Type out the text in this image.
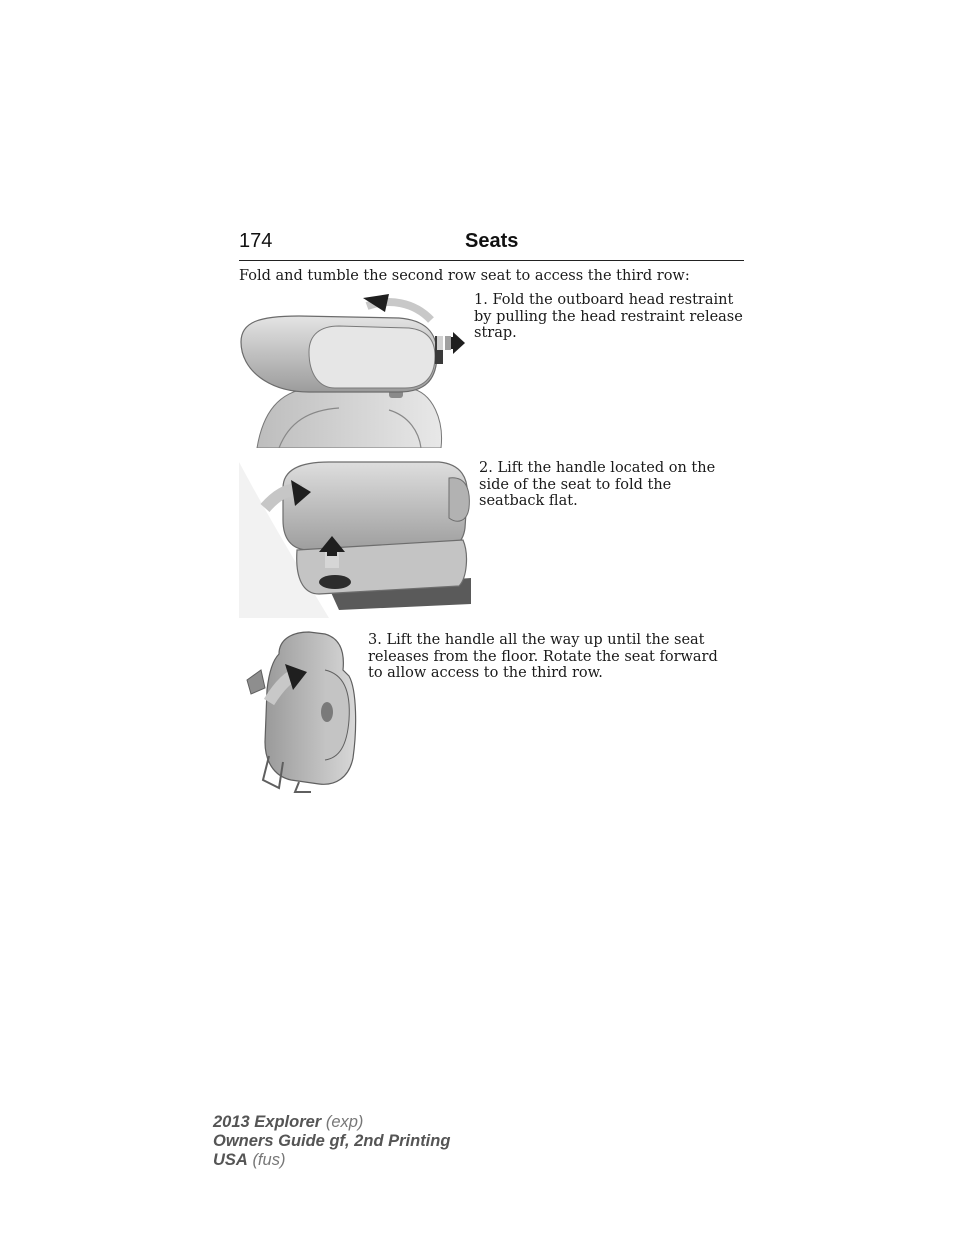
174	Seats
Fold and tumble the second row seat to access the third row:
1. Fold the outboard head restraint by pulling the head restraint release strap.
2. Lift the handle located on the side of the seat to fold the seatback flat.
3. Lift the handle all the way up until the seat releases from the floor. Rotate the seat forward to allow access to the third row.
2013 Explorer (exp)
Owners Guide gf, 2nd Printing
USA (fus)
